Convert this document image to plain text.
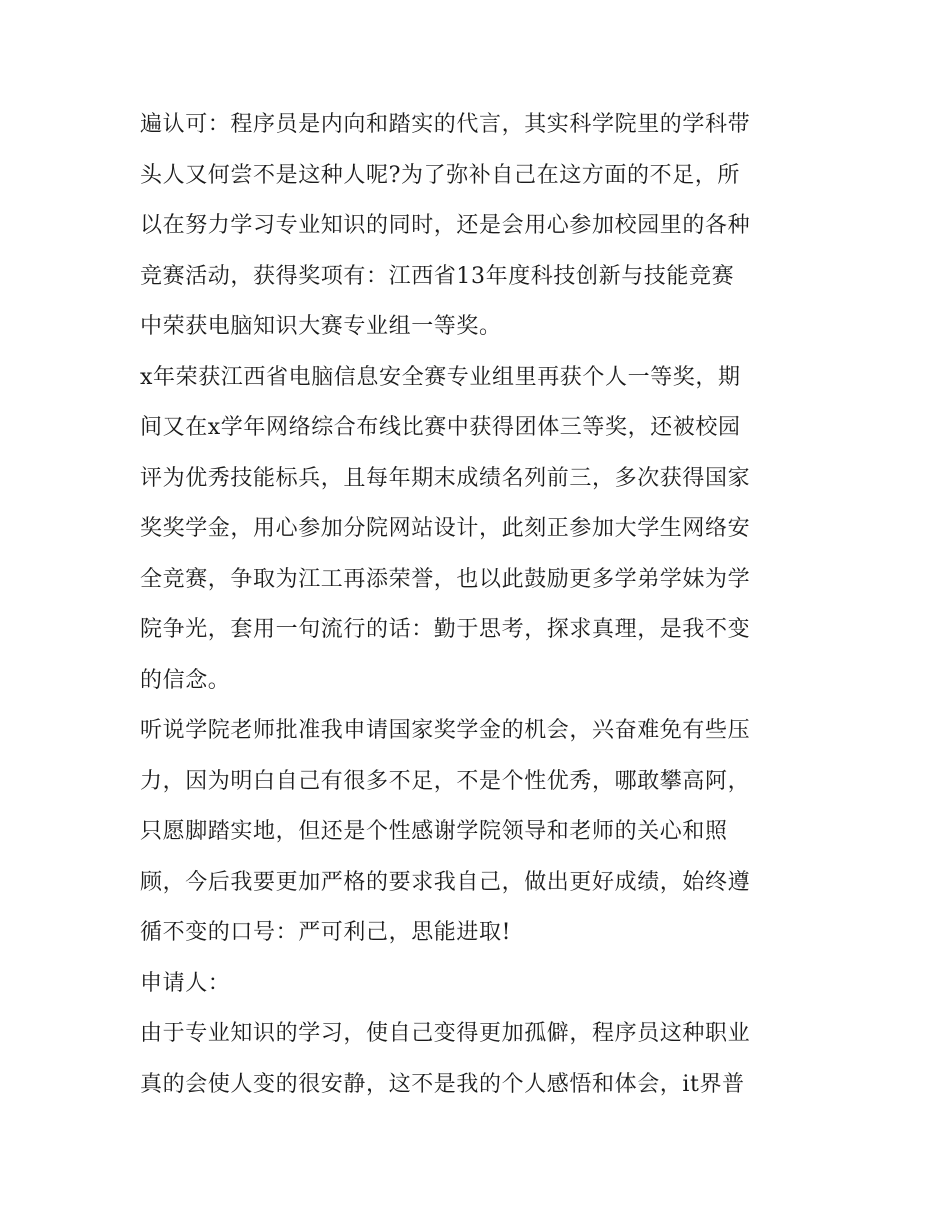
遍认可：程序员是内向和踏实的代言，其实科学院里的学科带
头人又何尝不是这种人呢?为了弥补自己在这方面的不足，所
以在努力学习专业知识的同时，还是会用心参加校园里的各种
竞赛活动，获得奖项有：江西省13年度科技创新与技能竞赛
中荣获电脑知识大赛专业组一等奖。
x年荣获江西省电脑信息安全赛专业组里再获个人一等奖，期
间又在x学年网络综合布线比赛中获得团体三等奖，还被校园
评为优秀技能标兵，且每年期末成绩名列前三，多次获得国家
奖奖学金，用心参加分院网站设计，此刻正参加大学生网络安
全竞赛，争取为江工再添荣誉，也以此鼓励更多学弟学妹为学
院争光，套用一句流行的话：勤于思考，探求真理，是我不变
的信念。
听说学院老师批准我申请国家奖学金的机会，兴奋难免有些压
力，因为明白自己有很多不足，不是个性优秀，哪敢攀高阿，
只愿脚踏实地，但还是个性感谢学院领导和老师的关心和照
顾，今后我要更加严格的要求我自己，做出更好成绩，始终遵
循不变的口号：严可利己，思能进取!
申请人：
由于专业知识的学习，使自己变得更加孤僻，程序员这种职业
真的会使人变的很安静，这不是我的个人感悟和体会，it界普
